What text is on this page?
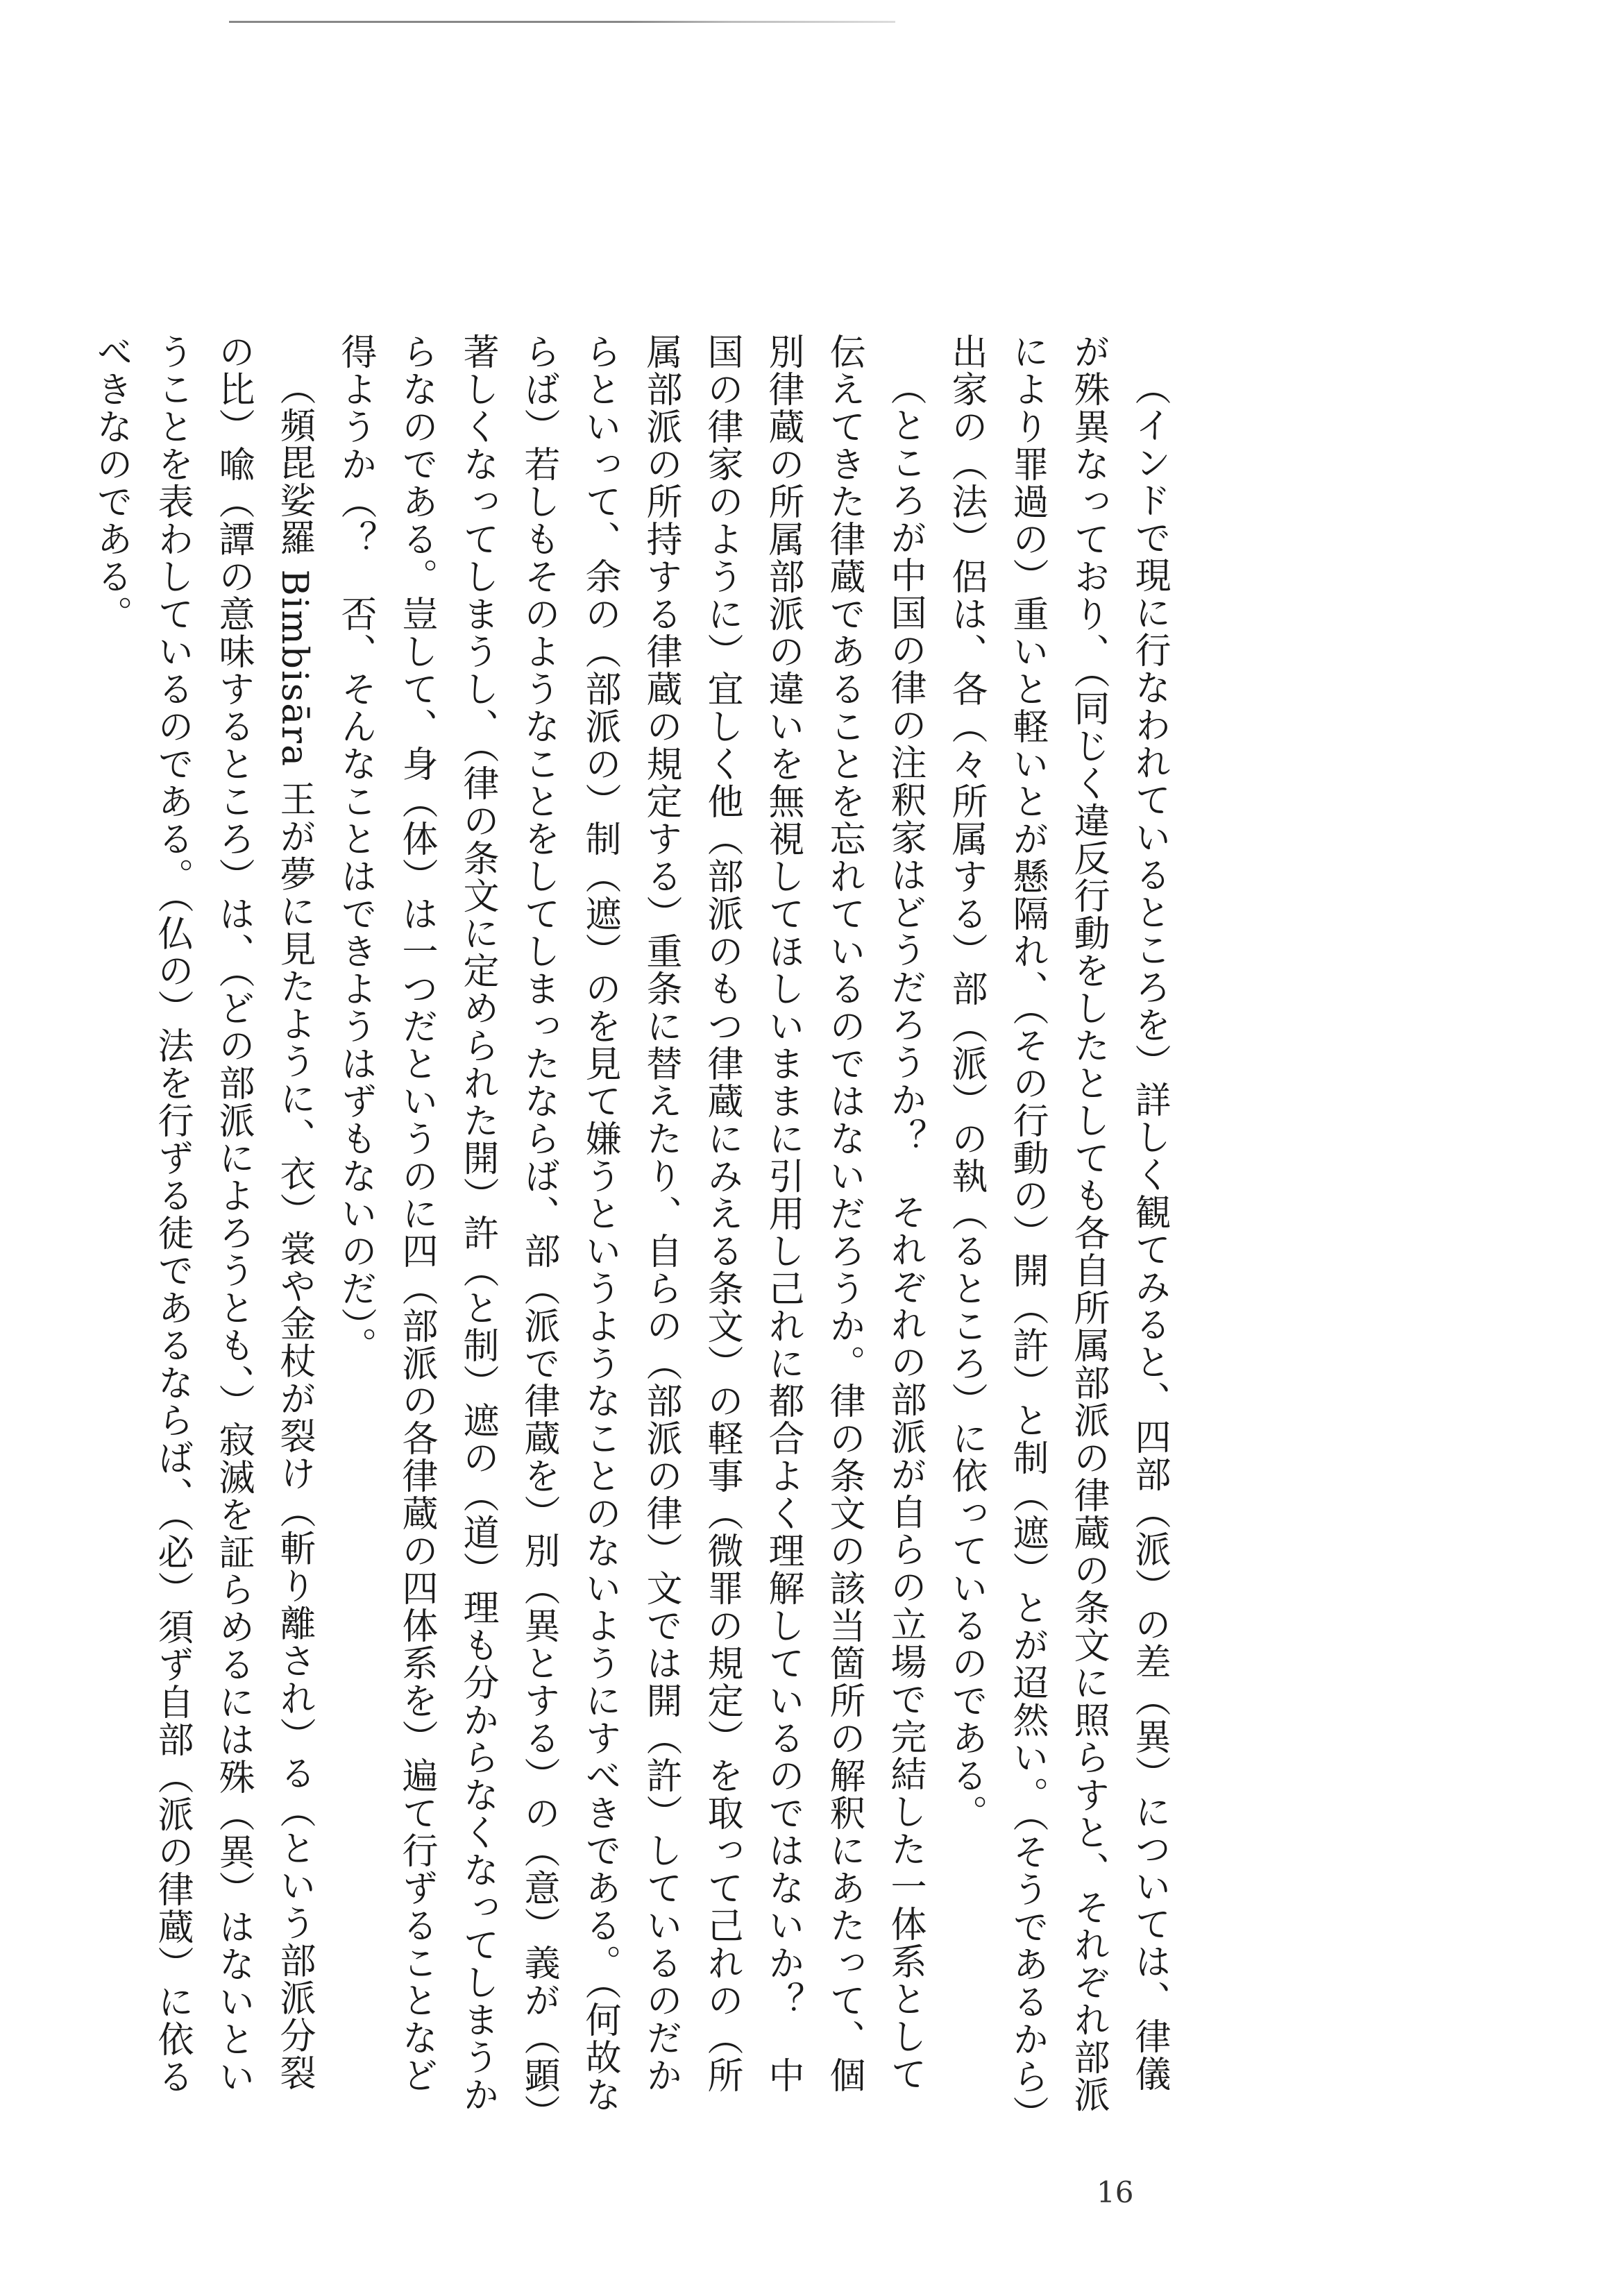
（インドで現に行なわれているところを）詳しく観てみると、四部（派）の差（異）については、律儀が殊異なっており、（同じく違反行動をしたとしても各自所属部派の律蔵の条文に照らすと、それぞれ部派により罪過の）重いと軽いとが懸隔れ、（その行動の）開（許）と制（遮）とが迢然い。（そうであるから）出家の（法）侶は、各（々所属する）部（派）の執（るところ）に依っているのである。

（ところが中国の律の注釈家はどうだろうか？　それぞれの部派が自らの立場で完結した一体系として伝えてきた律蔵であることを忘れているのではないだろうか。律の条文の該当箇所の解釈にあたって、個別律蔵の所属部派の違いを無視してほしいままに引用し己れに都合よく理解しているのではないか？　中国の律家のように）宜しく他（部派のもつ律蔵にみえる条文）の軽事（微罪の規定）を取って己れの（所属部派の所持する律蔵の規定する）重条に替えたり、自らの（部派の律）文では開（許）しているのだからといって、余の（部派の）制（遮）のを見て嫌うというようなことのないようにすべきである。（何故ならば）若しもそのようなことをしてしまったならば、部（派で律蔵を）別（異とする）の（意）義が（顕）著しくなってしまうし、（律の条文に定められた開）許（と制）遮の（道）理も分からなくなってしまうからなのである。豈して、身（体）は一つだというのに四（部派の各律蔵の四体系を）遍て行ずることなど得ようか（？　否、そんなことはできようはずもないのだ）。

（頻毘娑羅 Bimbisāra 王が夢に見たように、衣）裳や金杖が裂け（斬り離され）る（という部派分裂の比）喩（譚の意味するところ）は、（どの部派によろうとも、）寂滅を証らめるには殊（異）はないということを表わしているのである。（仏の）法を行ずる徒であるならば、（必）須ず自部（派の律蔵）に依るべきなのである。

16
